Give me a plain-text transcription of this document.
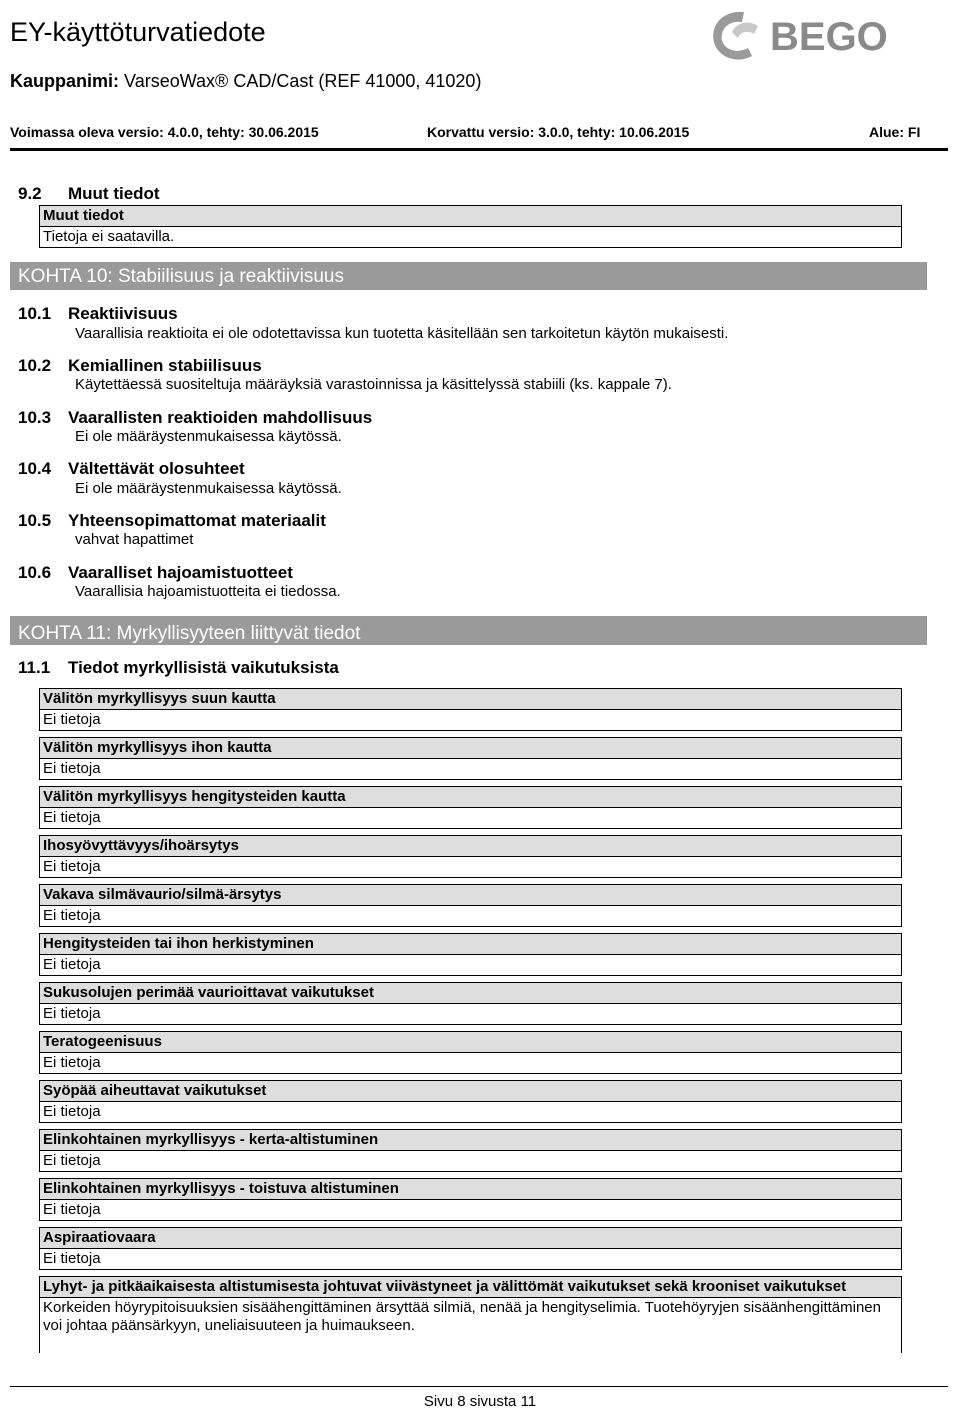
EY-käyttöturvatiedote	BEGO
Kauppanimi: VarseoWax® CAD/Cast (REF 41000, 41020)
Voimassa oleva versio: 4.0.0, tehty: 30.06.2015	Korvattu versio: 3.0.0, tehty: 10.06.2015	Alue: FI
9.2 Muut tiedot
Muut tiedot
Tietoja ei saatavilla.
KOHTA 10: Stabiilisuus ja reaktiivisuus
10.1 Reaktiivisuus
Vaarallisia reaktioita ei ole odotettavissa kun tuotetta käsitellään sen tarkoitetun käytön mukaisesti.
10.2 Kemiallinen stabiilisuus
Käytettäessä suositeltuja määräyksiä varastoinnissa ja käsittelyssä stabiili (ks. kappale 7).
10.3 Vaarallisten reaktioiden mahdollisuus
Ei ole määräystenmukaisessa käytössä.
10.4 Vältettävät olosuhteet
Ei ole määräystenmukaisessa käytössä.
10.5 Yhteensopimattomat materiaalit
vahvat hapattimet
10.6 Vaaralliset hajoamistuotteet
Vaarallisia hajoamistuotteita ei tiedossa.
KOHTA 11: Myrkyllisyyteen liittyvät tiedot
11.1 Tiedot myrkyllisistä vaikutuksista
Välitön myrkyllisyys suun kautta
Ei tietoja
Välitön myrkyllisyys ihon kautta
Ei tietoja
Välitön myrkyllisyys hengitysteiden kautta
Ei tietoja
Ihosyövyttävyys/ihoärsytys
Ei tietoja
Vakava silmävaurio/silmä-ärsytys
Ei tietoja
Hengitysteiden tai ihon herkistyminen
Ei tietoja
Sukusolujen perimää vaurioittavat vaikutukset
Ei tietoja
Teratogeenisuus
Ei tietoja
Syöpää aiheuttavat vaikutukset
Ei tietoja
Elinkohtainen myrkyllisyys - kerta-altistuminen
Ei tietoja
Elinkohtainen myrkyllisyys - toistuva altistuminen
Ei tietoja
Aspiraatiovaara
Ei tietoja
Lyhyt- ja pitkäaikaisesta altistumisesta johtuvat viivästyneet ja välittömät vaikutukset sekä krooniset vaikutukset
Korkeiden höyrypitoisuuksien sisäähengittäminen ärsyttää silmiä, nenää ja hengityselimia. Tuotehöyryjen sisäänhengittäminen voi johtaa päänsärkyyn, uneliaisuuteen ja huimaukseen.
Sivu 8 sivusta 11
